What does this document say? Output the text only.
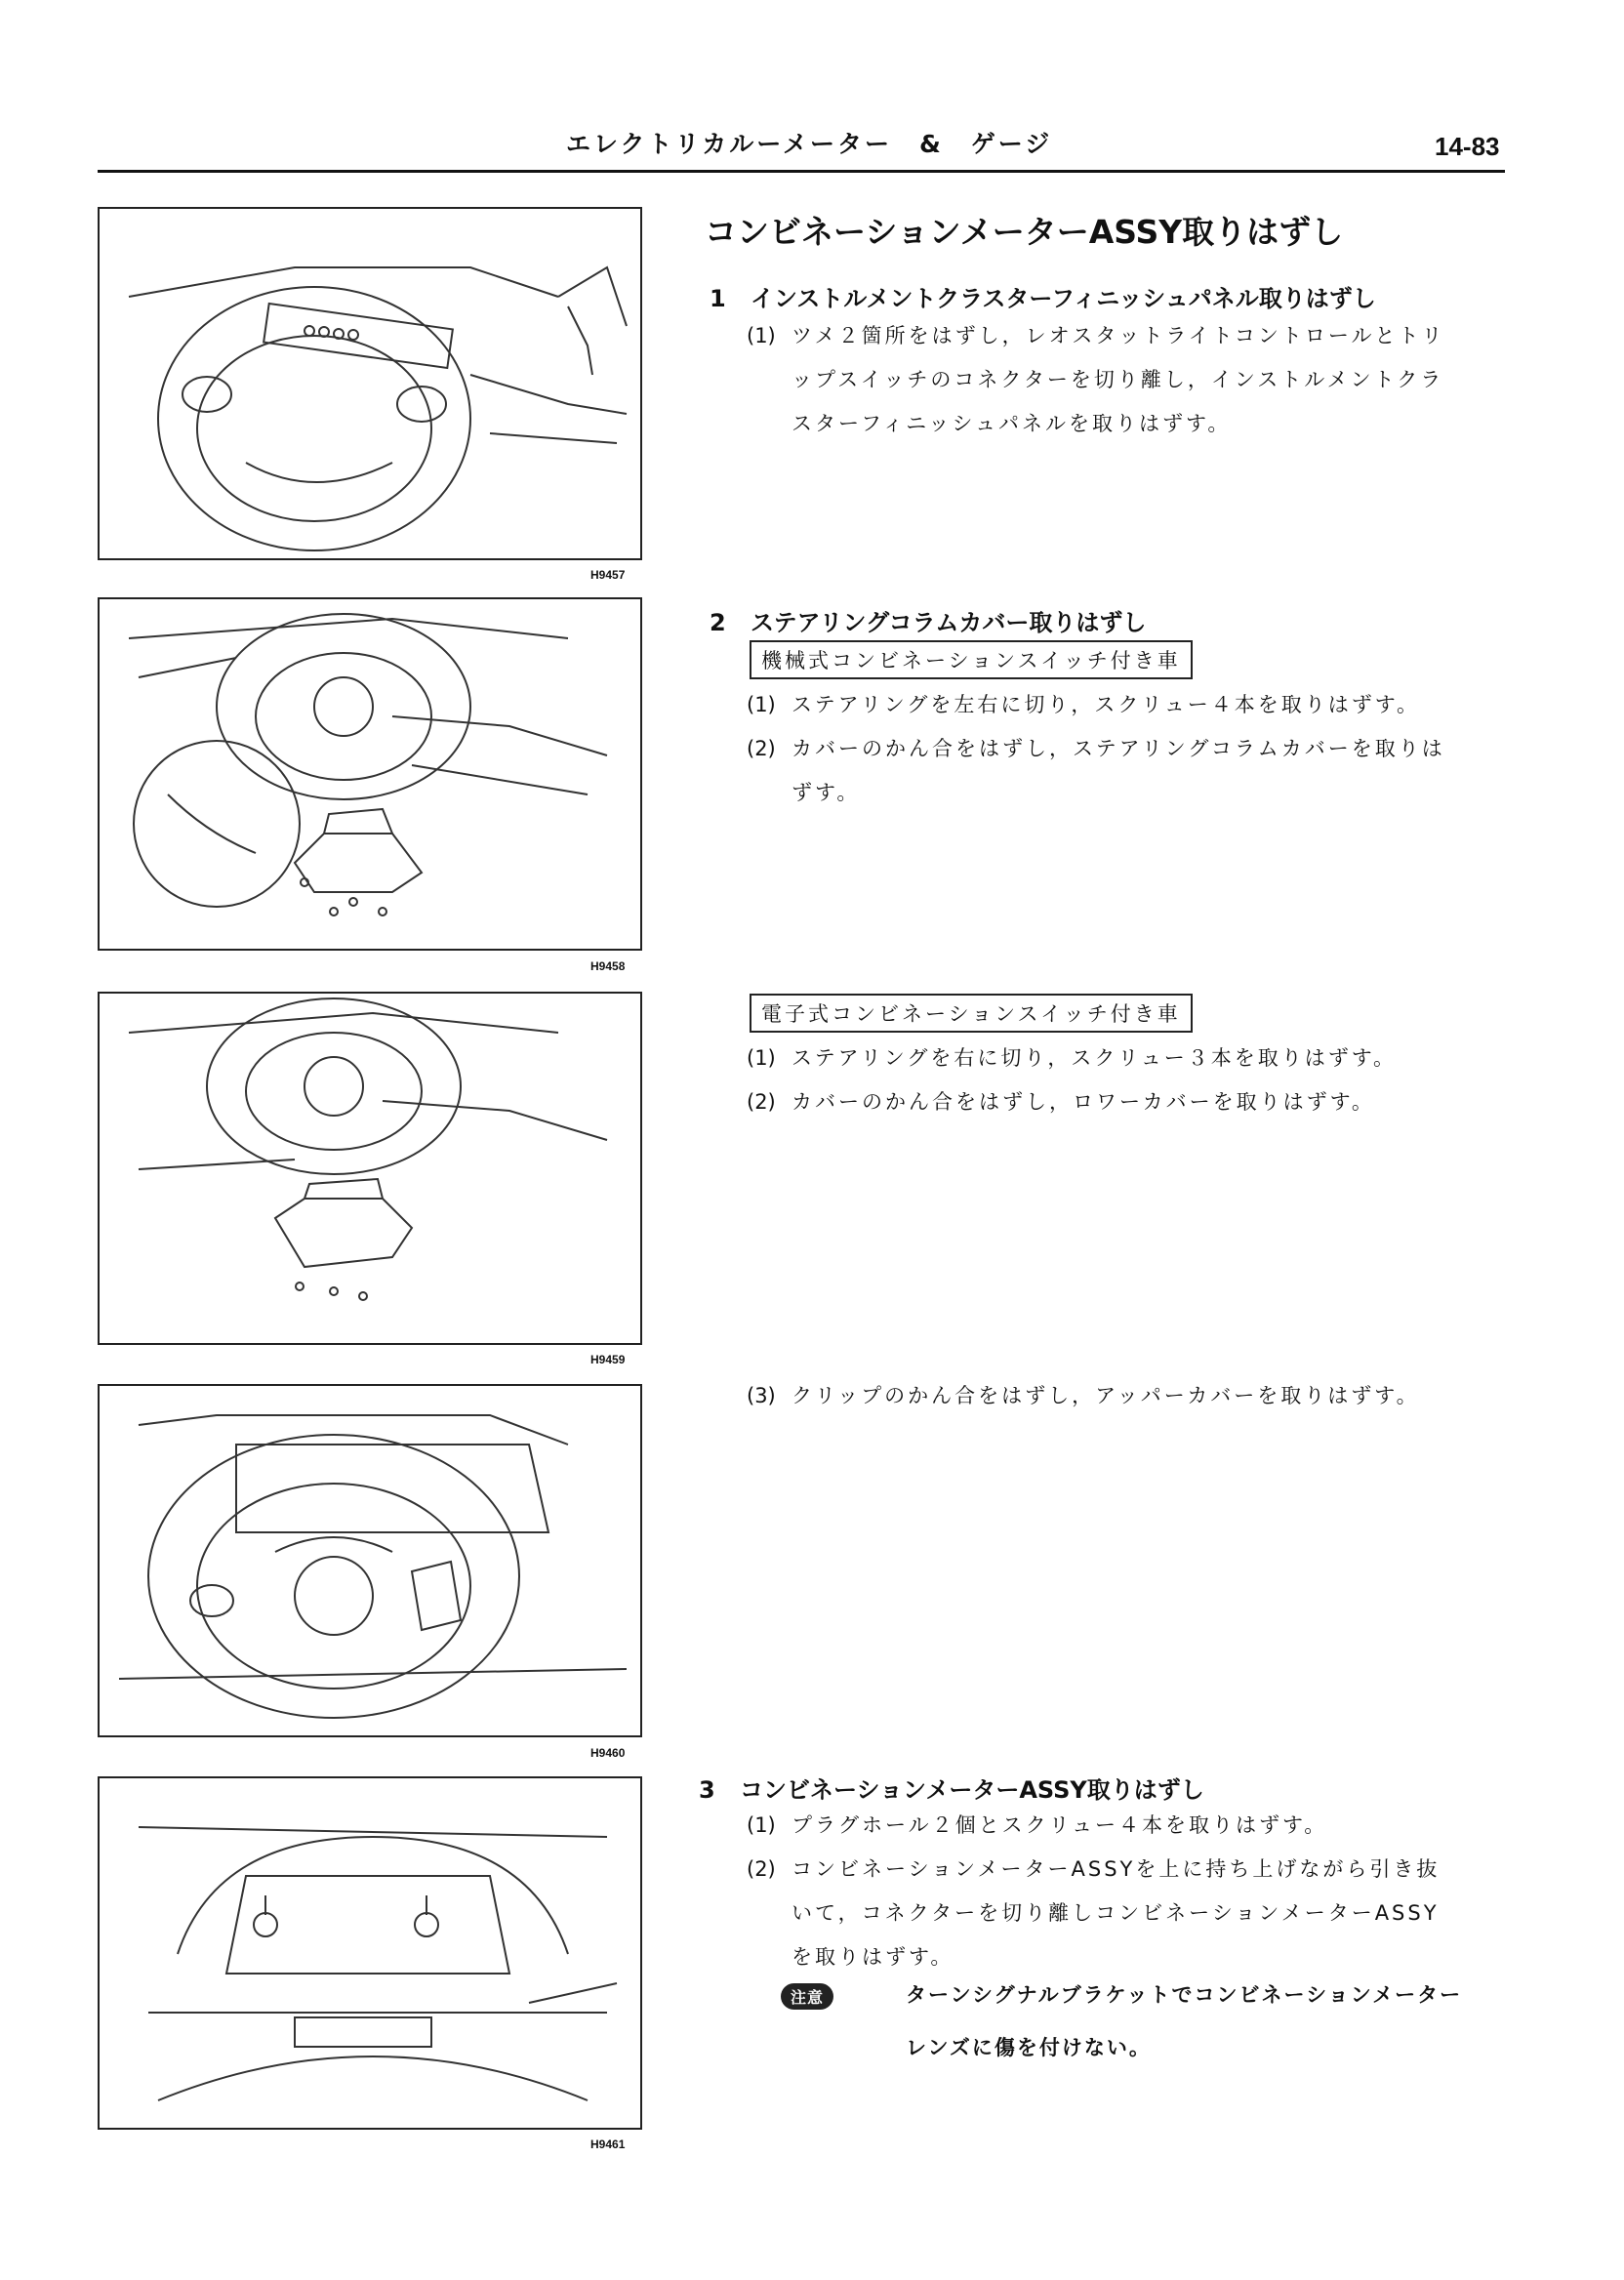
エレクトリカルーメーター　&　ゲージ	14-83
H9457
H9458
H9459
H9460
H9461
コンビネーションメーターASSY取りはずし
1 インストルメントクラスターフィニッシュパネル取りはずし
(1) ツメ２箇所をはずし，レオスタットライトコントロールとトリ
ップスイッチのコネクターを切り離し，インストルメントクラ
スターフィニッシュパネルを取りはずす。
2 ステアリングコラムカバー取りはずし
機械式コンビネーションスイッチ付き車
(1) ステアリングを左右に切り，スクリュー４本を取りはずす。
(2) カバーのかん合をはずし，ステアリングコラムカバーを取りは
ずす。
電子式コンビネーションスイッチ付き車
(1) ステアリングを右に切り，スクリュー３本を取りはずす。
(2) カバーのかん合をはずし，ロワーカバーを取りはずす。
(3) クリップのかん合をはずし，アッパーカバーを取りはずす。
3 コンビネーションメーターASSY取りはずし
(1) プラグホール２個とスクリュー４本を取りはずす。
(2) コンビネーションメーターASSYを上に持ち上げながら引き抜
いて，コネクターを切り離しコンビネーションメーターASSY
を取りはずす。
注意	ターンシグナルブラケットでコンビネーションメーター
レンズに傷を付けない。
